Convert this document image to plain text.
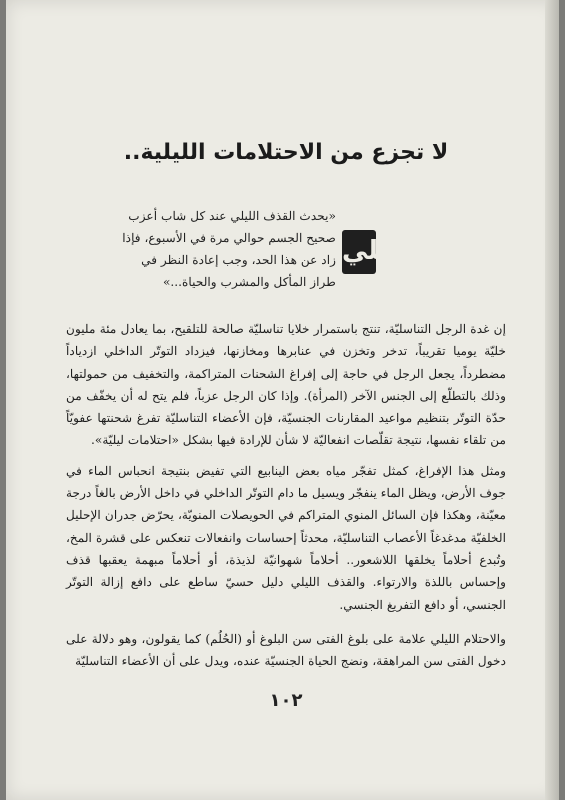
لا تجزع من الاحتلامات الليلية..
علي
«يحدث القذف الليلي عند كل شاب أعزب صحيح الجسم حوالي مرة في الأسبوع، فإذا زاد عن هذا الحد، وجب إعادة النظر في طراز المأكل والمشرب والحياة...»

إن غدة الرجل التناسليّة، تنتج باستمرار خلايا تناسليّة صالحة للتلقيح، بما يعادل مئة مليون خليّة يوميا تقريباً، تدخر وتخزن في عنابرها ومخازنها، فيزداد التوتّر الداخلي ازدياداً مضطرداً، يجعل الرجل في حاجة إلى إفراغ الشحنات المتراكمة، والتخفيف من حمولتها، وذلك بالتطلّع إلى الجنس الآخر (المرأة). وإذا كان الرجل عزباً، فلم يتح له أن يخفّف من حدّة التوتّر بتنظيم مواعيد المقارنات الجنسيّة، فإن الأعضاء التناسليّة تفرغ شحنتها عفويّاً من تلقاء نفسها، نتيجة تقلّصات انفعاليّة لا شأن للإرادة فيها بشكل «احتلامات ليليّة».

ومثل هذا الإفراغ، كمثل تفجّر مياه بعض الينابيع التي تفيض بنتيجة انحباس الماء في جوف الأرض، ويظل الماء ينفجّر ويسيل ما دام التوتّر الداخلي في داخل الأرض بالغاً درجة معيّنة، وهكذا فإن السائل المنوي المتراكم في الحويصلات المنويّة، يحرّض جدران الإحليل الخلفيّة مدغدغاً الأعصاب التناسليّة، محدثاً إحساسات وانفعالات تنعكس على قشرة المخ، وتُبدع أحلاماً يخلقها اللاشعور.. أحلاماً شهوانيّة لذيذة، أو أحلاماً مبهمة يعقبها قذف وإحساس باللذة والارتواء. والقذف الليلي دليل حسيّ ساطع على دافع إزالة التوتّر الجنسي، أو دافع التفريغ الجنسي.

والاحتلام الليلي علامة على بلوغ الفتى سن البلوغ أو (الحُلُم) كما يقولون، وهو دلالة على دخول الفتى سن المراهقة، ونضج الحياة الجنسيّة عنده، ويدل على أن الأعضاء التناسليّة

١٠٢
